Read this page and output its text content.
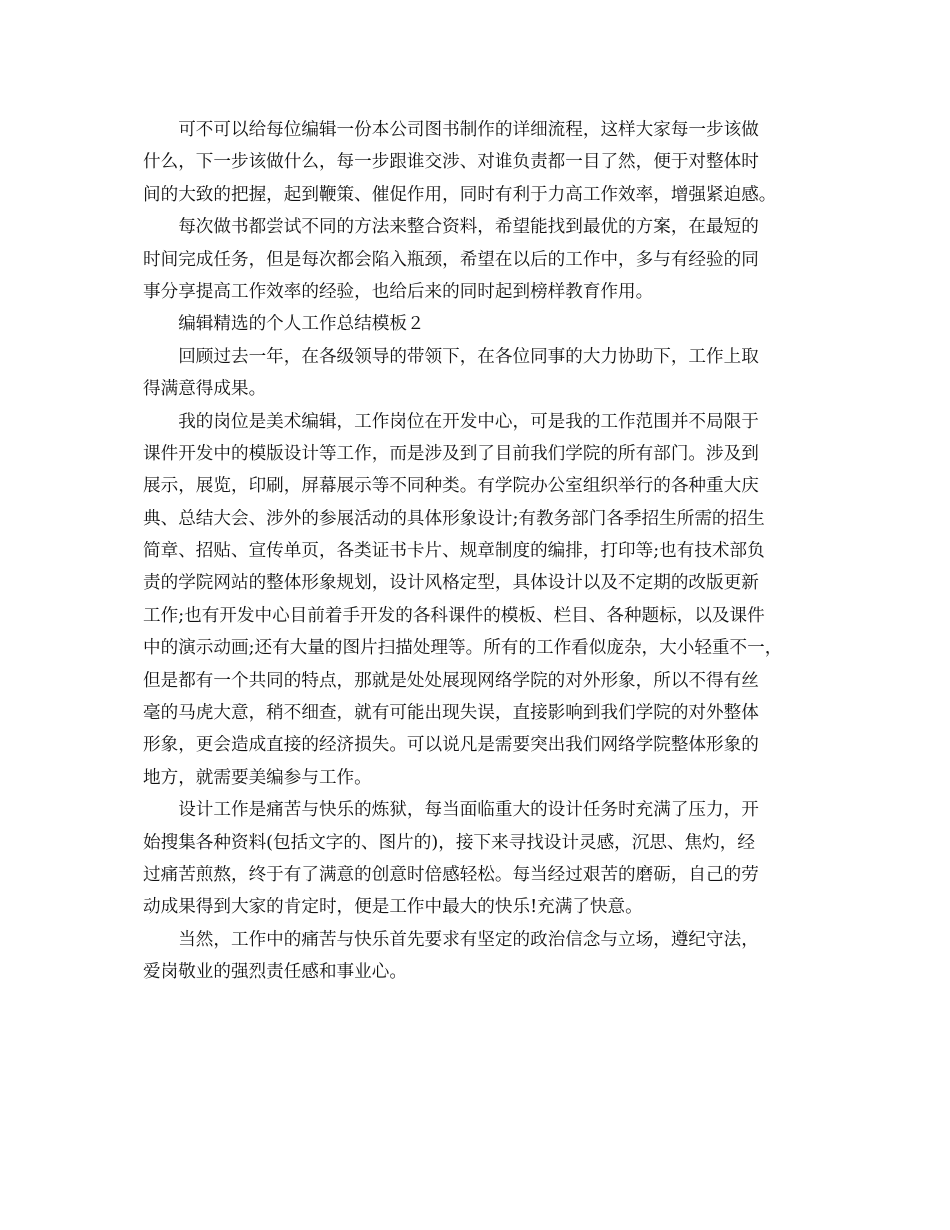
　　可不可以给每位编辑一份本公司图书制作的详细流程，这样大家每一步该做
什么，下一步该做什么，每一步跟谁交涉、对谁负责都一目了然，便于对整体时
间的大致的把握，起到鞭策、催促作用，同时有利于力高工作效率，增强紧迫感。
　　每次做书都尝试不同的方法来整合资料，希望能找到最优的方案，在最短的
时间完成任务，但是每次都会陷入瓶颈，希望在以后的工作中，多与有经验的同
事分享提高工作效率的经验，也给后来的同时起到榜样教育作用。
　　编辑精选的个人工作总结模板２
　　回顾过去一年，在各级领导的带领下，在各位同事的大力协助下，工作上取
得满意得成果。
　　我的岗位是美术编辑，工作岗位在开发中心，可是我的工作范围并不局限于
课件开发中的模版设计等工作，而是涉及到了目前我们学院的所有部门。涉及到
展示，展览，印刷，屏幕展示等不同种类。有学院办公室组织举行的各种重大庆
典、总结大会、涉外的参展活动的具体形象设计;有教务部门各季招生所需的招生
简章、招贴、宣传单页，各类证书卡片、规章制度的编排，打印等;也有技术部负
责的学院网站的整体形象规划，设计风格定型，具体设计以及不定期的改版更新
工作;也有开发中心目前着手开发的各科课件的模板、栏目、各种题标，以及课件
中的演示动画;还有大量的图片扫描处理等。所有的工作看似庞杂，大小轻重不一，
但是都有一个共同的特点，那就是处处展现网络学院的对外形象，所以不得有丝
毫的马虎大意，稍不细查，就有可能出现失误，直接影响到我们学院的对外整体
形象，更会造成直接的经济损失。可以说凡是需要突出我们网络学院整体形象的
地方，就需要美编参与工作。
　　设计工作是痛苦与快乐的炼狱，每当面临重大的设计任务时充满了压力，开
始搜集各种资料(包括文字的、图片的)，接下来寻找设计灵感，沉思、焦灼，经
过痛苦煎熬，终于有了满意的创意时倍感轻松。每当经过艰苦的磨砺，自己的劳
动成果得到大家的肯定时，便是工作中最大的快乐!充满了快意。
　　当然，工作中的痛苦与快乐首先要求有坚定的政治信念与立场，遵纪守法，
爱岗敬业的强烈责任感和事业心。
